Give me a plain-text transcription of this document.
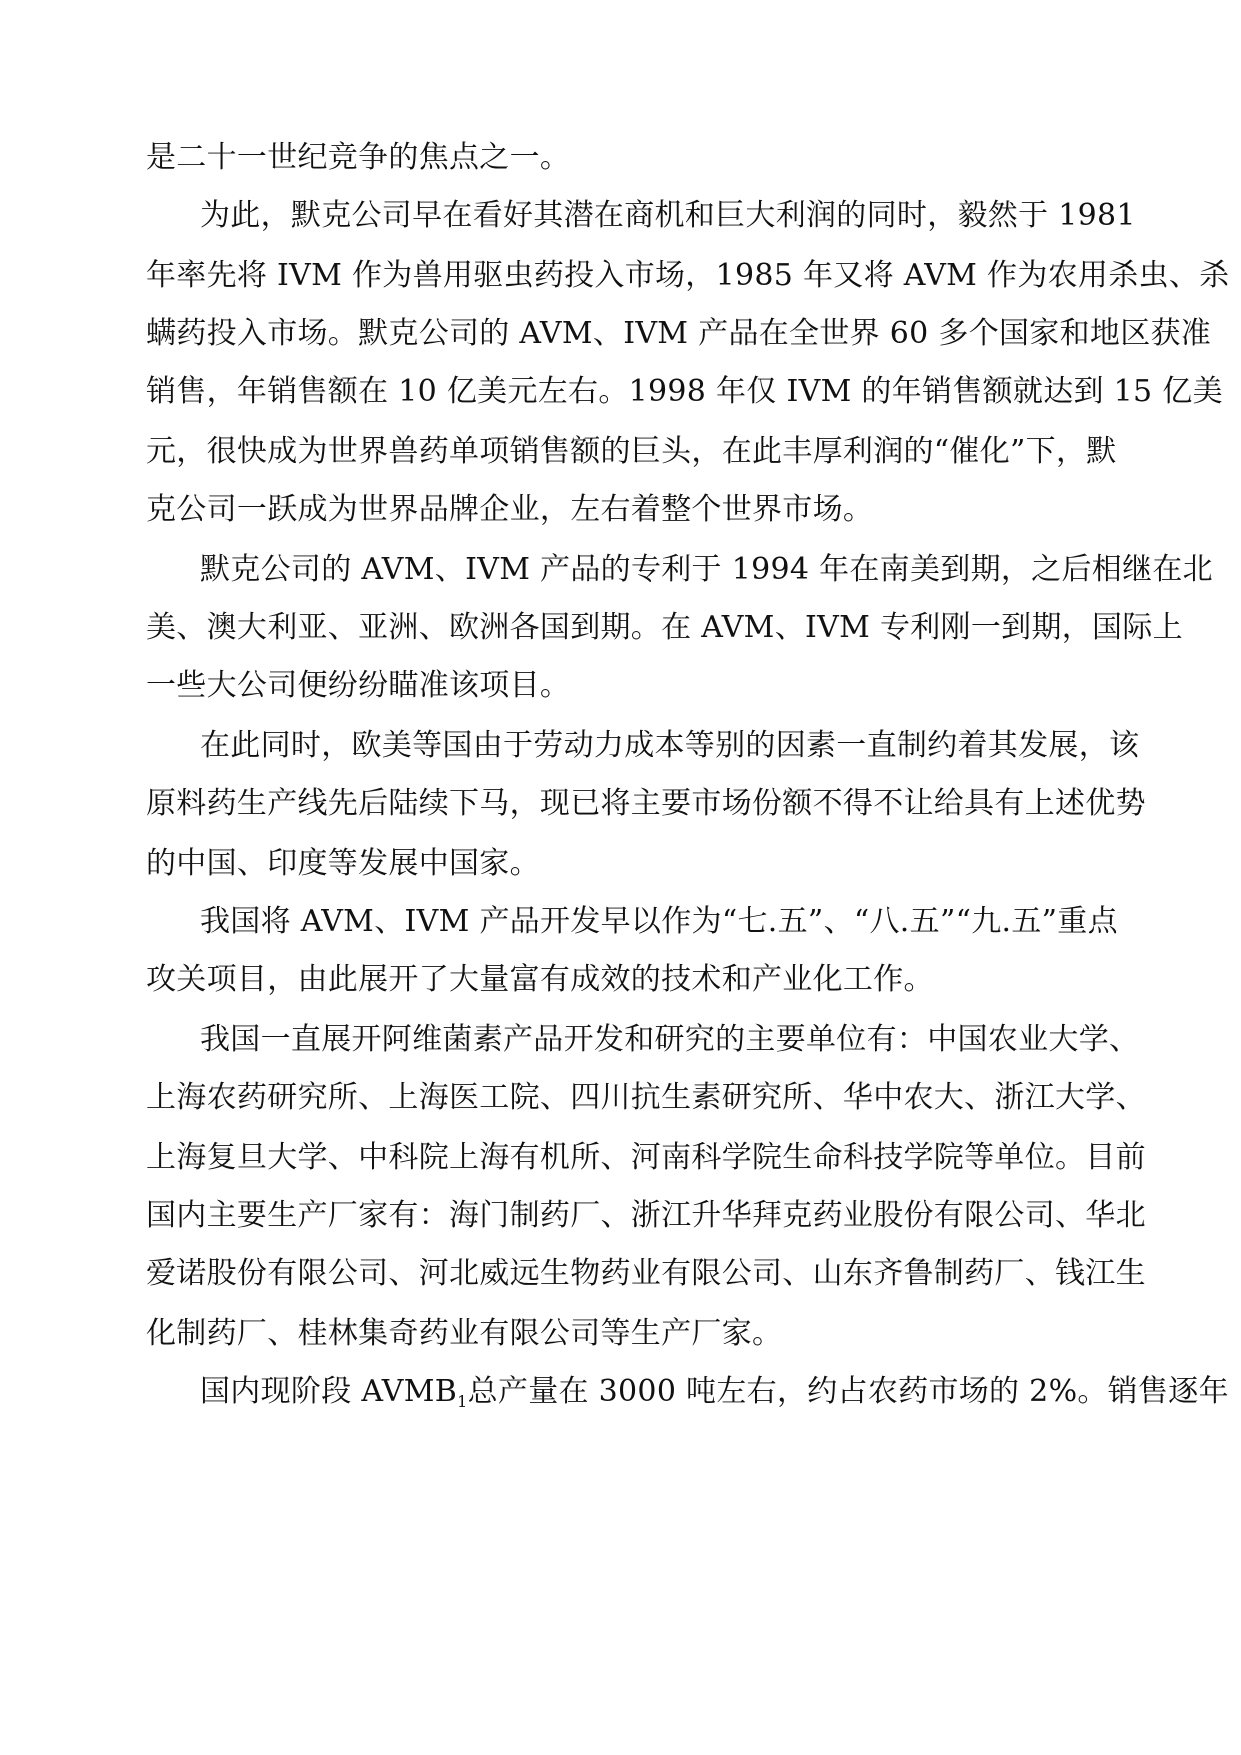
是二十一世纪竞争的焦点之一。
为此，默克公司早在看好其潜在商机和巨大利润的同时，毅然于 1981
年率先将 IVM 作为兽用驱虫药投入市场，1985 年又将 AVM 作为农用杀虫、杀
螨药投入市场。默克公司的 AVM、IVM 产品在全世界 60 多个国家和地区获准
销售，年销售额在 10 亿美元左右。1998 年仅 IVM 的年销售额就达到 15 亿美
元，很快成为世界兽药单项销售额的巨头，在此丰厚利润的“催化”下，默
克公司一跃成为世界品牌企业，左右着整个世界市场。
默克公司的 AVM、IVM 产品的专利于 1994 年在南美到期，之后相继在北
美、澳大利亚、亚洲、欧洲各国到期。在 AVM、IVM 专利刚一到期，国际上
一些大公司便纷纷瞄准该项目。
在此同时，欧美等国由于劳动力成本等别的因素一直制约着其发展，该
原料药生产线先后陆续下马，现已将主要市场份额不得不让给具有上述优势
的中国、印度等发展中国家。
我国将 AVM、IVM 产品开发早以作为“七.五”、“八.五”“九.五”重点
攻关项目，由此展开了大量富有成效的技术和产业化工作。
我国一直展开阿维菌素产品开发和研究的主要单位有：中国农业大学、
上海农药研究所、上海医工院、四川抗生素研究所、华中农大、浙江大学、
上海复旦大学、中科院上海有机所、河南科学院生命科技学院等单位。目前
国内主要生产厂家有：海门制药厂、浙江升华拜克药业股份有限公司、华北
爱诺股份有限公司、河北威远生物药业有限公司、山东齐鲁制药厂、钱江生
化制药厂、桂林集奇药业有限公司等生产厂家。
国内现阶段 $AVMB_1$总产量在 3000 吨左右，约占农药市场的 2%。销售逐年
